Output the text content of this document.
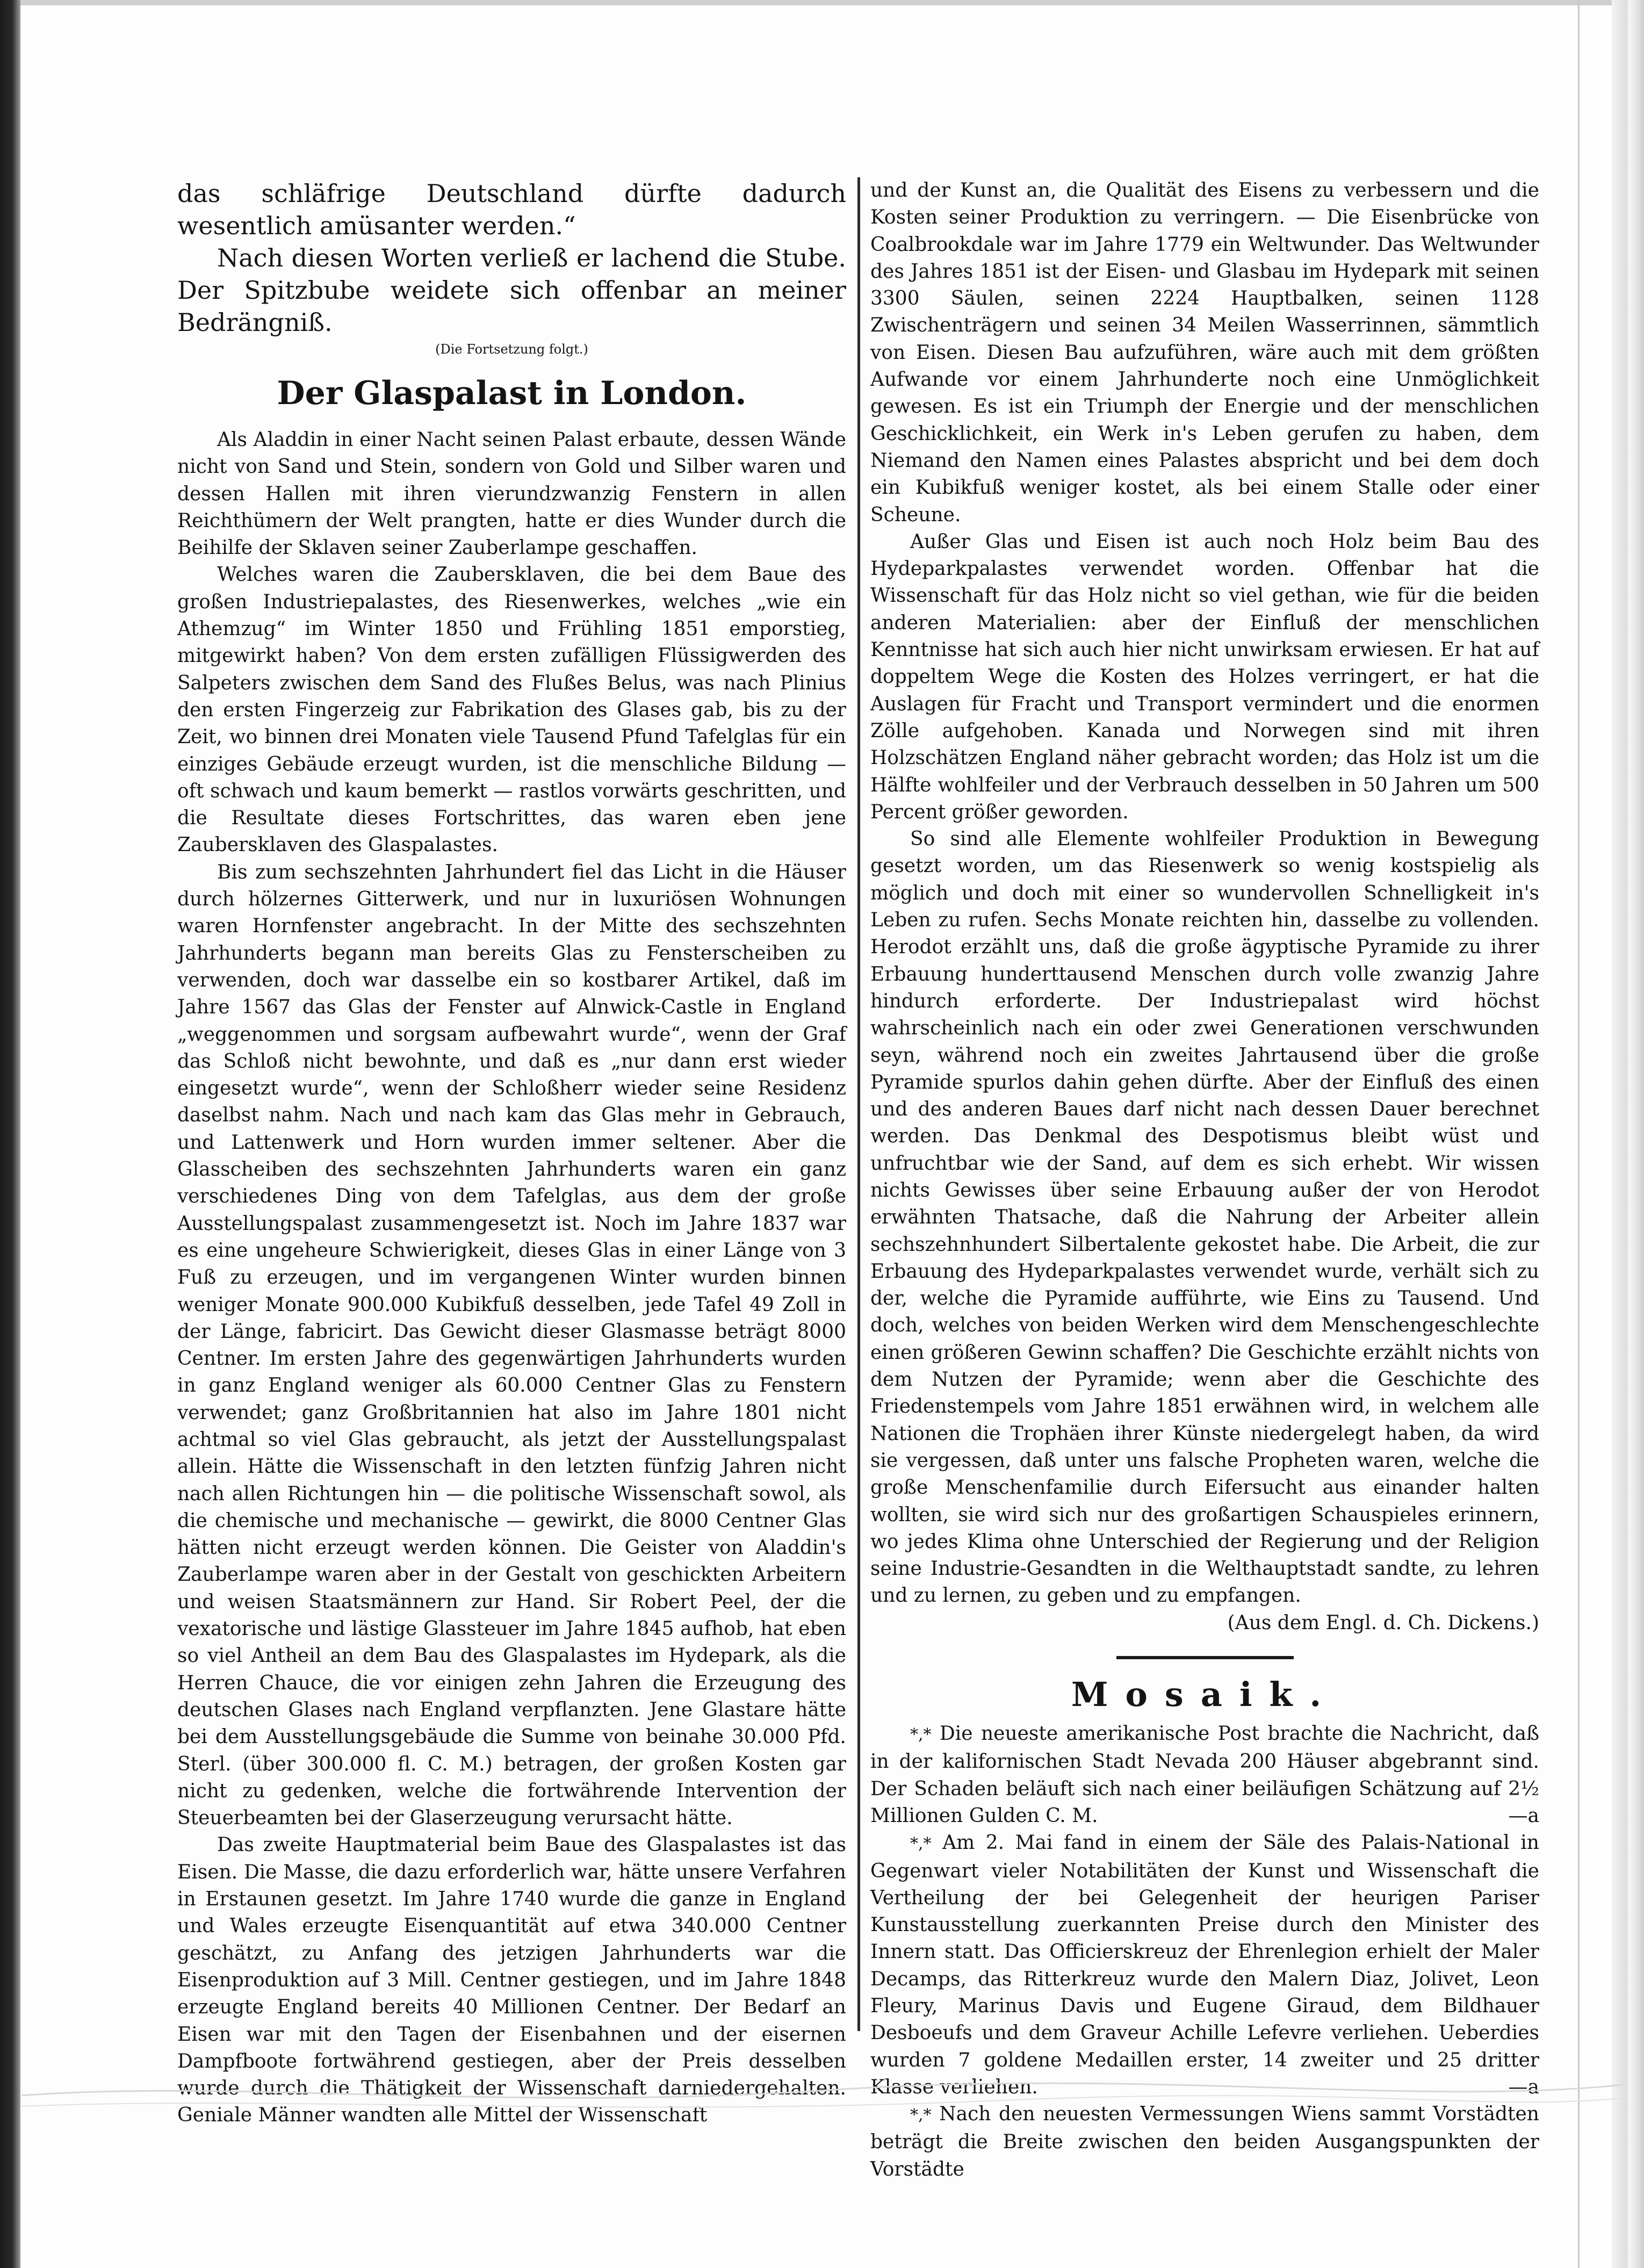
das schläfrige Deutschland dürfte dadurch wesentlich amüsanter werden.“

Nach diesen Worten verließ er lachend die Stube. Der Spitzbube weidete sich offenbar an meiner Bedrängniß.

(Die Fortsetzung folgt.)

Der Glaspalast in London.

Als Aladdin in einer Nacht seinen Palast erbaute, dessen Wände nicht von Sand und Stein, sondern von Gold und Silber waren und dessen Hallen mit ihren vierundzwanzig Fenstern in allen Reichthümern der Welt prangten, hatte er dies Wunder durch die Beihilfe der Sklaven seiner Zauberlampe geschaffen.

Welches waren die Zaubersklaven, die bei dem Baue des großen Industriepalastes, des Riesenwerkes, welches „wie ein Athemzug“ im Winter 1850 und Frühling 1851 emporstieg, mitgewirkt haben? Von dem ersten zufälligen Flüssigwerden des Salpeters zwischen dem Sand des Flußes Belus, was nach Plinius den ersten Fingerzeig zur Fabrikation des Glases gab, bis zu der Zeit, wo binnen drei Monaten viele Tausend Pfund Tafelglas für ein einziges Gebäude erzeugt wurden, ist die menschliche Bildung — oft schwach und kaum bemerkt — rastlos vorwärts geschritten, und die Resultate dieses Fortschrittes, das waren eben jene Zaubersklaven des Glaspalastes.

Bis zum sechszehnten Jahrhundert fiel das Licht in die Häuser durch hölzernes Gitterwerk, und nur in luxuriösen Wohnungen waren Hornfenster angebracht. In der Mitte des sechszehnten Jahrhunderts begann man bereits Glas zu Fensterscheiben zu verwenden, doch war dasselbe ein so kostbarer Artikel, daß im Jahre 1567 das Glas der Fenster auf Alnwick-Castle in England „weggenommen und sorgsam aufbewahrt wurde“, wenn der Graf das Schloß nicht bewohnte, und daß es „nur dann erst wieder eingesetzt wurde“, wenn der Schloßherr wieder seine Residenz daselbst nahm. Nach und nach kam das Glas mehr in Gebrauch, und Lattenwerk und Horn wurden immer seltener. Aber die Glasscheiben des sechszehnten Jahrhunderts waren ein ganz verschiedenes Ding von dem Tafelglas, aus dem der große Ausstellungspalast zusammengesetzt ist. Noch im Jahre 1837 war es eine ungeheure Schwierigkeit, dieses Glas in einer Länge von 3 Fuß zu erzeugen, und im vergangenen Winter wurden binnen weniger Monate 900.000 Kubikfuß desselben, jede Tafel 49 Zoll in der Länge, fabricirt. Das Gewicht dieser Glasmasse beträgt 8000 Centner. Im ersten Jahre des gegenwärtigen Jahrhunderts wurden in ganz England weniger als 60.000 Centner Glas zu Fenstern verwendet; ganz Großbritannien hat also im Jahre 1801 nicht achtmal so viel Glas gebraucht, als jetzt der Ausstellungspalast allein. Hätte die Wissenschaft in den letzten fünfzig Jahren nicht nach allen Richtungen hin — die politische Wissenschaft sowol, als die chemische und mechanische — gewirkt, die 8000 Centner Glas hätten nicht erzeugt werden können. Die Geister von Aladdin's Zauberlampe waren aber in der Gestalt von geschickten Arbeitern und weisen Staatsmännern zur Hand. Sir Robert Peel, der die vexatorische und lästige Glassteuer im Jahre 1845 aufhob, hat eben so viel Antheil an dem Bau des Glaspalastes im Hydepark, als die Herren Chauce, die vor einigen zehn Jahren die Erzeugung des deutschen Glases nach England verpflanzten. Jene Glastare hätte bei dem Ausstellungsgebäude die Summe von beinahe 30.000 Pfd. Sterl. (über 300.000 fl. C. M.) betragen, der großen Kosten gar nicht zu gedenken, welche die fortwährende Intervention der Steuerbeamten bei der Glaserzeugung verursacht hätte.

Das zweite Hauptmaterial beim Baue des Glaspalastes ist das Eisen. Die Masse, die dazu erforderlich war, hätte unsere Verfahren in Erstaunen gesetzt. Im Jahre 1740 wurde die ganze in England und Wales erzeugte Eisenquantität auf etwa 340.000 Centner geschätzt, zu Anfang des jetzigen Jahrhunderts war die Eisenproduktion auf 3 Mill. Centner gestiegen, und im Jahre 1848 erzeugte England bereits 40 Millionen Centner. Der Bedarf an Eisen war mit den Tagen der Eisenbahnen und der eisernen Dampfboote fortwährend gestiegen, aber der Preis desselben wurde durch die Thätigkeit der Wissenschaft darniedergehalten. Geniale Männer wandten alle Mittel der Wissenschaft

und der Kunst an, die Qualität des Eisens zu verbessern und die Kosten seiner Produktion zu verringern. — Die Eisenbrücke von Coalbrookdale war im Jahre 1779 ein Weltwunder. Das Weltwunder des Jahres 1851 ist der Eisen- und Glasbau im Hydepark mit seinen 3300 Säulen, seinen 2224 Hauptbalken, seinen 1128 Zwischenträgern und seinen 34 Meilen Wasserrinnen, sämmtlich von Eisen. Diesen Bau aufzuführen, wäre auch mit dem größten Aufwande vor einem Jahrhunderte noch eine Unmöglichkeit gewesen. Es ist ein Triumph der Energie und der menschlichen Geschicklichkeit, ein Werk in's Leben gerufen zu haben, dem Niemand den Namen eines Palastes abspricht und bei dem doch ein Kubikfuß weniger kostet, als bei einem Stalle oder einer Scheune.

Außer Glas und Eisen ist auch noch Holz beim Bau des Hydeparkpalastes verwendet worden. Offenbar hat die Wissenschaft für das Holz nicht so viel gethan, wie für die beiden anderen Materialien: aber der Einfluß der menschlichen Kenntnisse hat sich auch hier nicht unwirksam erwiesen. Er hat auf doppeltem Wege die Kosten des Holzes verringert, er hat die Auslagen für Fracht und Transport vermindert und die enormen Zölle aufgehoben. Kanada und Norwegen sind mit ihren Holzschätzen England näher gebracht worden; das Holz ist um die Hälfte wohlfeiler und der Verbrauch desselben in 50 Jahren um 500 Percent größer geworden.

So sind alle Elemente wohlfeiler Produktion in Bewegung gesetzt worden, um das Riesenwerk so wenig kostspielig als möglich und doch mit einer so wundervollen Schnelligkeit in's Leben zu rufen. Sechs Monate reichten hin, dasselbe zu vollenden. Herodot erzählt uns, daß die große ägyptische Pyramide zu ihrer Erbauung hunderttausend Menschen durch volle zwanzig Jahre hindurch erforderte. Der Industriepalast wird höchst wahrscheinlich nach ein oder zwei Generationen verschwunden seyn, während noch ein zweites Jahrtausend über die große Pyramide spurlos dahin gehen dürfte. Aber der Einfluß des einen und des anderen Baues darf nicht nach dessen Dauer berechnet werden. Das Denkmal des Despotismus bleibt wüst und unfruchtbar wie der Sand, auf dem es sich erhebt. Wir wissen nichts Gewisses über seine Erbauung außer der von Herodot erwähnten Thatsache, daß die Nahrung der Arbeiter allein sechszehnhundert Silbertalente gekostet habe. Die Arbeit, die zur Erbauung des Hydeparkpalastes verwendet wurde, verhält sich zu der, welche die Pyramide aufführte, wie Eins zu Tausend. Und doch, welches von beiden Werken wird dem Menschengeschlechte einen größeren Gewinn schaffen? Die Geschichte erzählt nichts von dem Nutzen der Pyramide; wenn aber die Geschichte des Friedenstempels vom Jahre 1851 erwähnen wird, in welchem alle Nationen die Trophäen ihrer Künste niedergelegt haben, da wird sie vergessen, daß unter uns falsche Propheten waren, welche die große Menschenfamilie durch Eifersucht aus einander halten wollten, sie wird sich nur des großartigen Schauspieles erinnern, wo jedes Klima ohne Unterschied der Regierung und der Religion seine Industrie-Gesandten in die Welthauptstadt sandte, zu lehren und zu lernen, zu geben und zu empfangen.

(Aus dem Engl. d. Ch. Dickens.)

Mosaik.

*,* Die neueste amerikanische Post brachte die Nachricht, daß in der kalifornischen Stadt Nevada 200 Häuser abgebrannt sind. Der Schaden beläuft sich nach einer beiläufigen Schätzung auf 2½ Millionen Gulden C. M.	—a

*,* Am 2. Mai fand in einem der Säle des Palais-National in Gegenwart vieler Notabilitäten der Kunst und Wissenschaft die Vertheilung der bei Gelegenheit der heurigen Pariser Kunstausstellung zuerkannten Preise durch den Minister des Innern statt. Das Officierskreuz der Ehrenlegion erhielt der Maler Decamps, das Ritterkreuz wurde den Malern Diaz, Jolivet, Leon Fleury, Marinus Davis und Eugene Giraud, dem Bildhauer Desboeufs und dem Graveur Achille Lefevre verliehen. Ueberdies wurden 7 goldene Medaillen erster, 14 zweiter und 25 dritter Klasse verliehen.	—a

*,* Nach den neuesten Vermessungen Wiens sammt Vorstädten beträgt die Breite zwischen den beiden Ausgangspunkten der Vorstädte
